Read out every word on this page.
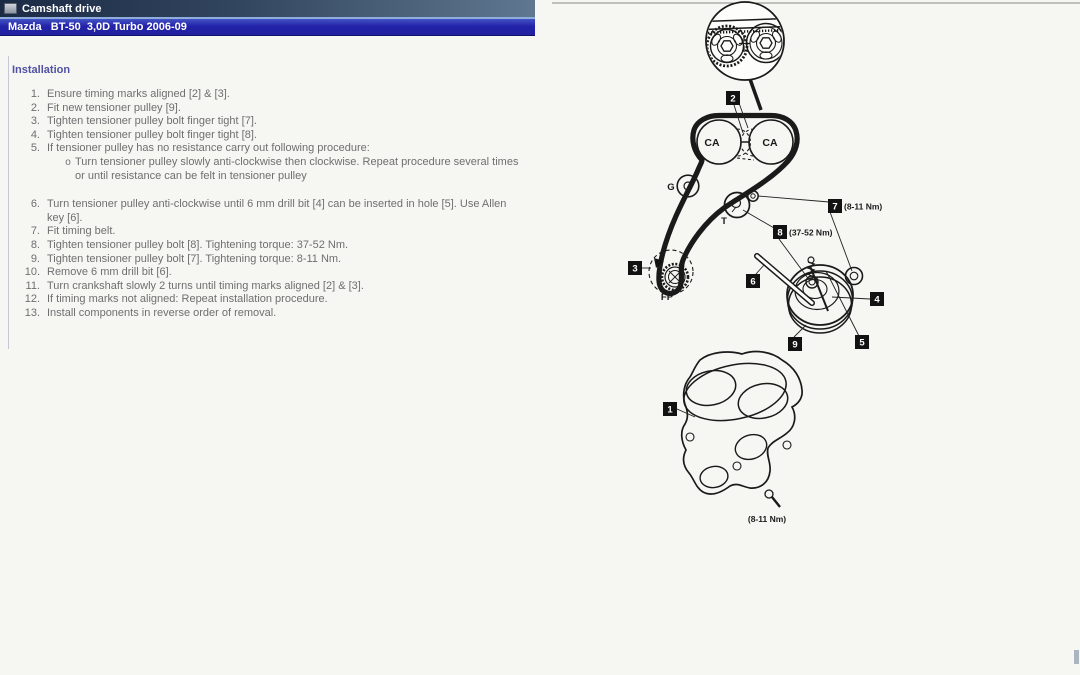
CA	CA
G
T
FP
1
2
3
4
5
6
7
8
9
(8-11 Nm)
(37-52 Nm)
(8-11 Nm)
Camshaft drive
Mazda   BT-50  3,0D Turbo 2006-09
Installation
1. Ensure timing marks aligned [2] & [3].
2. Fit new tensioner pulley [9].
3. Tighten tensioner pulley bolt finger tight [7].
4. Tighten tensioner pulley bolt finger tight [8].
5. If tensioner pulley has no resistance carry out following procedure:
o Turn tensioner pulley slowly anti-clockwise then clockwise. Repeat procedure several times or until resistance can be felt in tensioner pulley
6. Turn tensioner pulley anti-clockwise until 6 mm drill bit [4] can be inserted in hole [5]. Use Allen key [6].
7. Fit timing belt.
8. Tighten tensioner pulley bolt [8]. Tightening torque: 37-52 Nm.
9. Tighten tensioner pulley bolt [7]. Tightening torque: 8-11 Nm.
10. Remove 6 mm drill bit [6].
11. Turn crankshaft slowly 2 turns until timing marks aligned [2] & [3].
12. If timing marks not aligned: Repeat installation procedure.
13. Install components in reverse order of removal.
